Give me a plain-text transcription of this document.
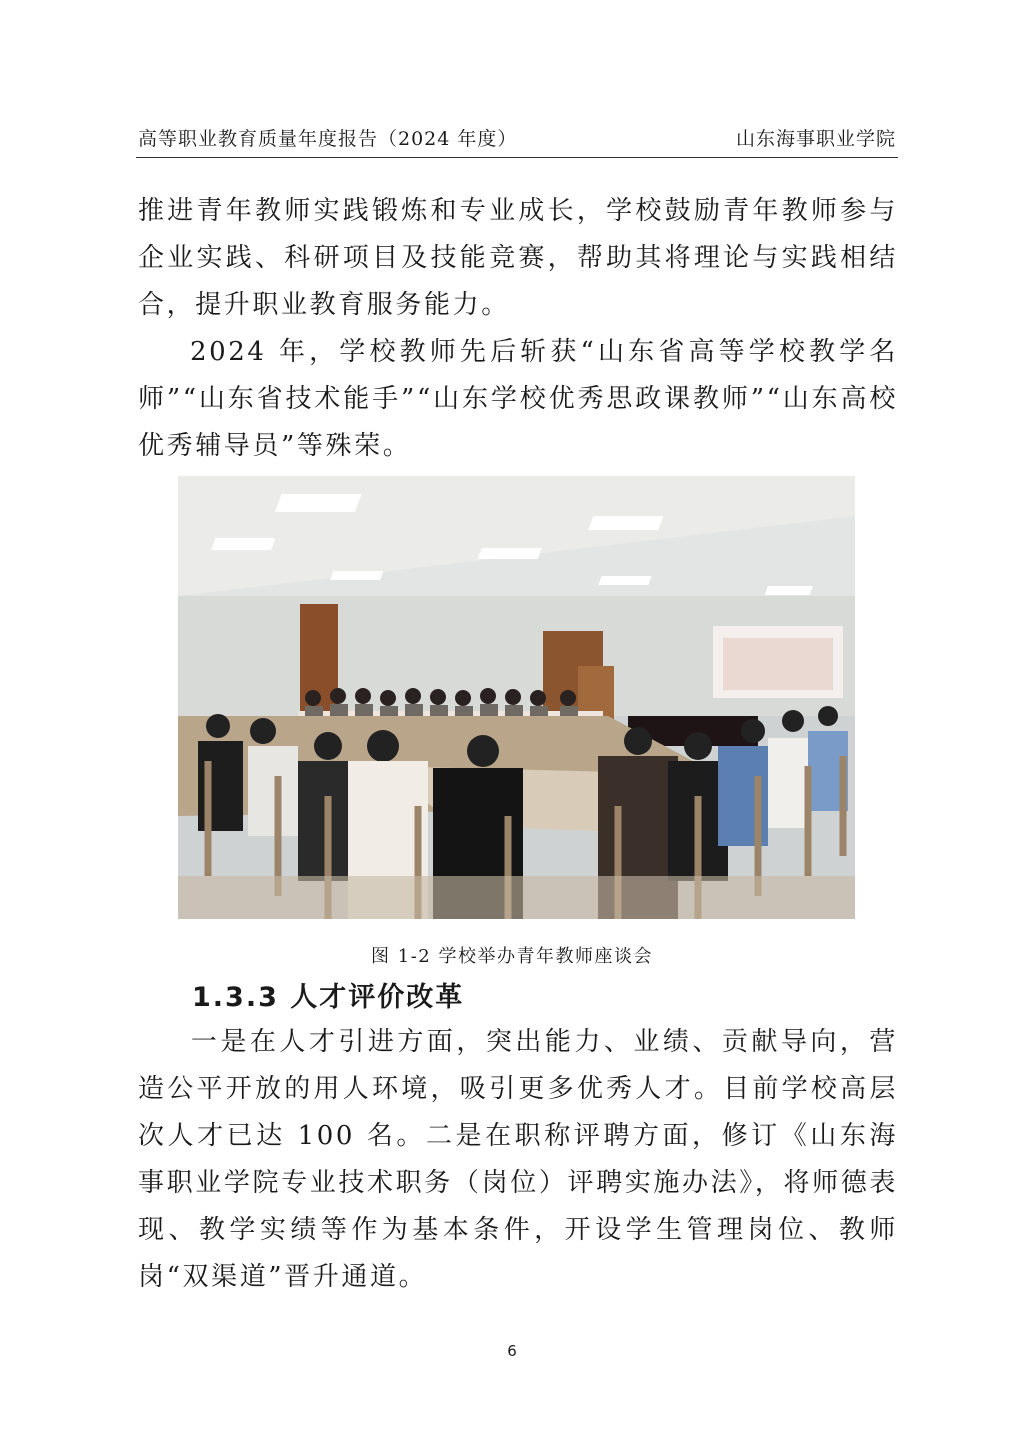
高等职业教育质量年度报告（2024 年度）	山东海事职业学院

推进青年教师实践锻炼和专业成长，学校鼓励青年教师参与企业实践、科研项目及技能竞赛，帮助其将理论与实践相结合，提升职业教育服务能力。

2024 年，学校教师先后斩获“山东省高等学校教学名师”“山东省技术能手”“山东学校优秀思政课教师”“山东高校优秀辅导员”等殊荣。

图 1-2 学校举办青年教师座谈会
1.3.3 人才评价改革

一是在人才引进方面，突出能力、业绩、贡献导向，营造公平开放的用人环境，吸引更多优秀人才。目前学校高层次人才已达 100 名。二是在职称评聘方面，修订《山东海事职业学院专业技术职务（岗位）评聘实施办法》，将师德表现、教学实绩等作为基本条件，开设学生管理岗位、教师岗“双渠道”晋升通道。

6
